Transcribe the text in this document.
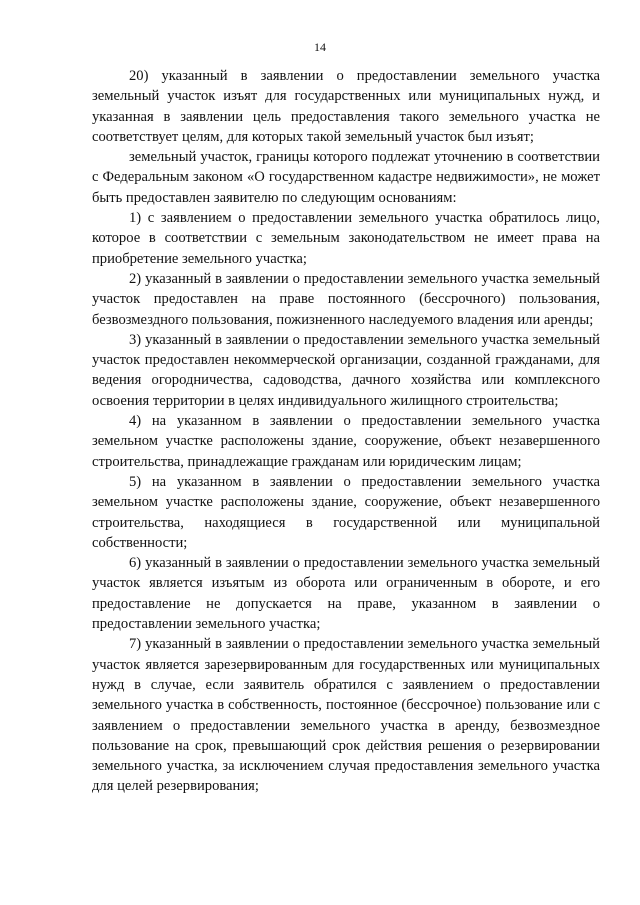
14

20) указанный в заявлении о предоставлении земельного участка земельный участок изъят для государственных или муниципальных нужд, и указанная в заявлении цель предоставления такого земельного участка не соответствует целям, для которых такой земельный участок был изъят;

земельный участок, границы которого подлежат уточнению в соответствии с Федеральным законом «О государственном кадастре недвижимости», не может быть предоставлен заявителю по следующим основаниям:

1) с заявлением о предоставлении земельного участка обратилось лицо, которое в соответствии с земельным законодательством не имеет права на приобретение земельного участка;

2) указанный в заявлении о предоставлении земельного участка земельный участок предоставлен на праве постоянного (бессрочного) пользования, безвозмездного пользования, пожизненного наследуемого владения или аренды;

3) указанный в заявлении о предоставлении земельного участка земельный участок предоставлен некоммерческой организации, созданной гражданами, для ведения огородничества, садоводства, дачного хозяйства или комплексного освоения территории в целях индивидуального жилищного строительства;

4) на указанном в заявлении о предоставлении земельного участка земельном участке расположены здание, сооружение, объект незавершенного строительства, принадлежащие гражданам или юридическим лицам;

5) на указанном в заявлении о предоставлении земельного участка земельном участке расположены здание, сооружение, объект незавершенного строительства, находящиеся в государственной или муниципальной собственности;

6) указанный в заявлении о предоставлении земельного участка земельный участок является изъятым из оборота или ограниченным в обороте, и его предоставление не допускается на праве, указанном в заявлении о предоставлении земельного участка;

7) указанный в заявлении о предоставлении земельного участка земельный участок является зарезервированным для государственных или муниципальных нужд в случае, если заявитель обратился с заявлением о предоставлении земельного участка в собственность, постоянное (бессрочное) пользование или с заявлением о предоставлении земельного участка в аренду, безвозмездное пользование на срок, превышающий срок действия решения о резервировании земельного участка, за исключением случая предоставления земельного участка для целей резервирования;
